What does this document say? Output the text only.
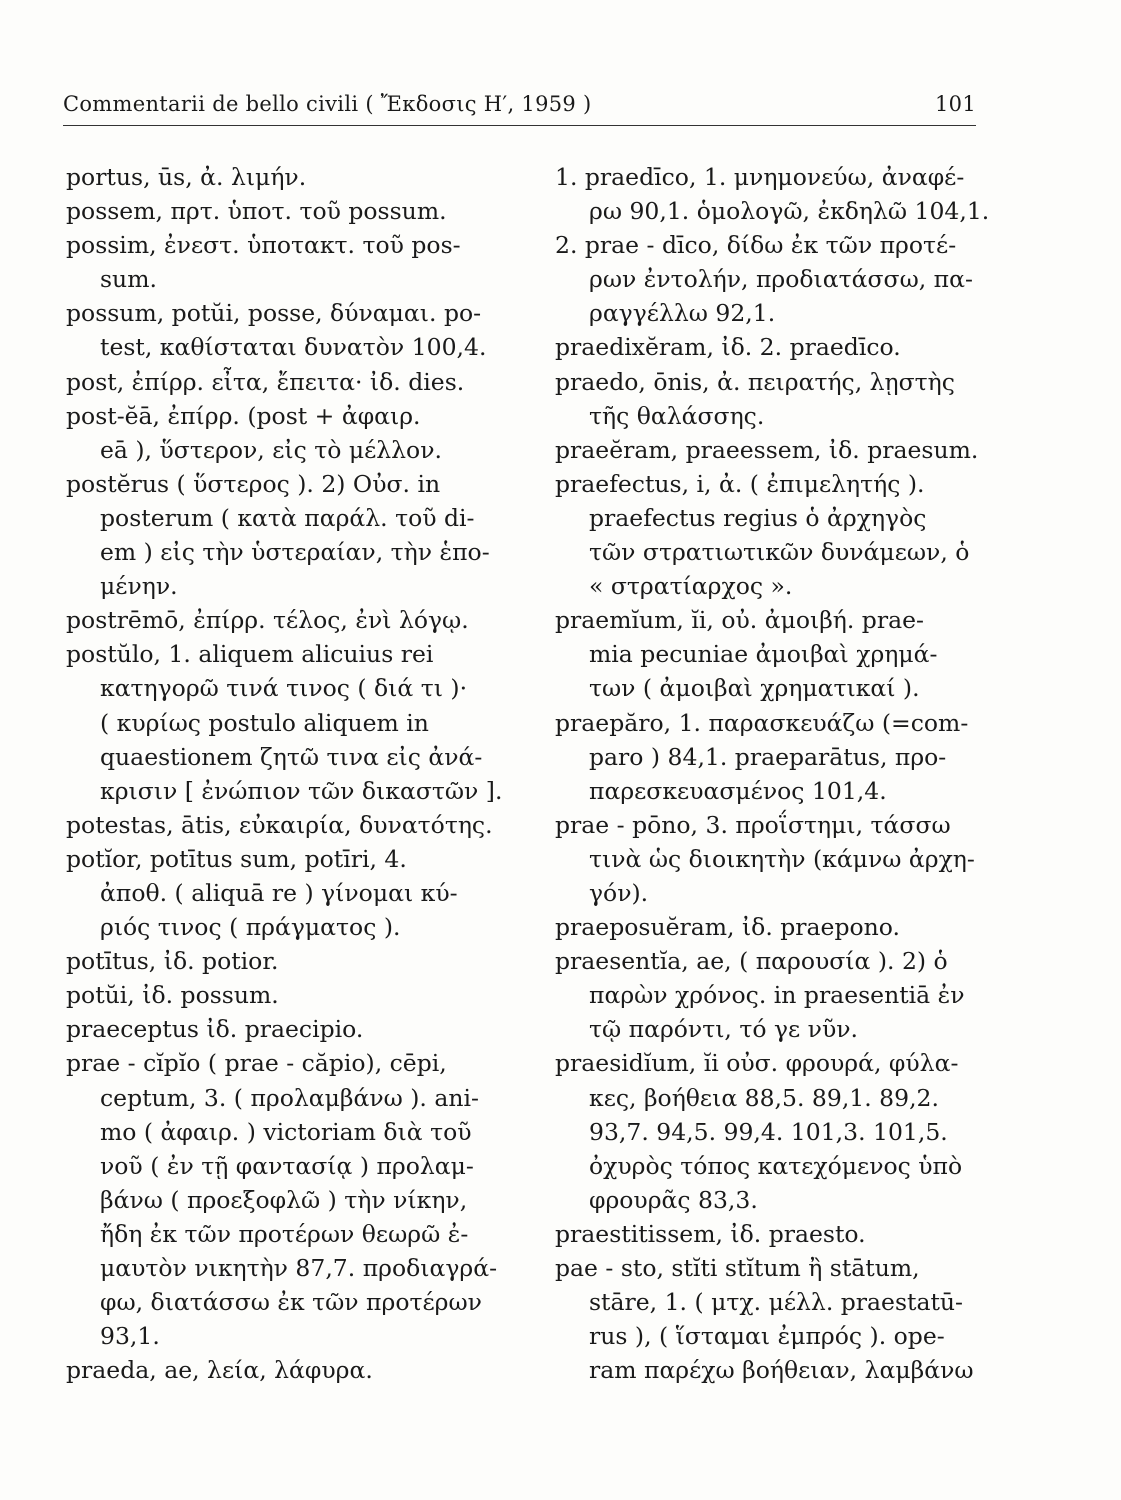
Commentarii de bello civili ( Ἔκδοσις Η′, 1959 )	101
portus, ūs, ἀ. λιμήν.
possem, πρτ. ὑποτ. τοῦ possum.
possim, ἐνεστ. ὑποτακτ. τοῦ pos-
sum.
possum, potŭi, posse, δύναμαι. po-
test, καθίσταται δυνατὸν 100,4.
post, ἐπίρρ. εἶτα, ἔπειτα· ἰδ. dies.
post-ĕā, ἐπίρρ. (post + ἀφαιρ.
eā ), ὕστερον, εἰς τὸ μέλλον.
postĕrus ( ὕστερος ). 2) Οὐσ. in
posterum ( κατὰ παράλ. τοῦ di-
em ) εἰς τὴν ὑστεραίαν, τὴν ἑπο-
μένην.
postrēmō, ἐπίρρ. τέλος, ἐνὶ λόγῳ.
postŭlo, 1. aliquem alicuius rei
κατηγορῶ τινά τινος ( διά τι )·
( κυρίως postulo aliquem in
quaestionem ζητῶ τινα εἰς ἀνά-
κρισιν [ ἐνώπιον τῶν δικαστῶν ].
potestas, ātis, εὐκαιρία, δυνατότης.
potĭor, potītus sum, potīri, 4.
ἀποθ. ( aliquā re ) γίνομαι κύ-
ριός τινος ( πράγματος ).
potītus, ἰδ. potior.
potŭi, ἰδ. possum.
praeceptus ἰδ. praecipio.
prae - cĭpĭo ( prae - căpio), cēpi,
ceptum, 3. ( προλαμβάνω ). ani-
mo ( ἀφαιρ. ) victoriam διὰ τοῦ
νοῦ ( ἐν τῇ φαντασίᾳ ) προλαμ-
βάνω ( προεξοφλῶ ) τὴν νίκην,
ἤδη ἐκ τῶν προτέρων θεωρῶ ἐ-
μαυτὸν νικητὴν 87,7. προδιαγρά-
φω, διατάσσω ἐκ τῶν προτέρων
93,1.
praeda, ae, λεία, λάφυρα.
1. praedīco, 1. μνημονεύω, ἀναφέ-
ρω 90,1. ὁμολογῶ, ἐκδηλῶ 104,1.
2. prae - dīco, δίδω ἐκ τῶν προτέ-
ρων ἐντολήν, προδιατάσσω, πα-
ραγγέλλω 92,1.
praedixĕram, ἰδ. 2. praedīco.
praedo, ōnis, ἀ. πειρατής, λῃστὴς
τῆς θαλάσσης.
praeĕram, praeessem, ἰδ. praesum.
praefectus, i, ἀ. ( ἐπιμελητής ).
praefectus regius ὁ ἀρχηγὸς
τῶν στρατιωτικῶν δυνάμεων, ὁ
« στρατίαρχος ».
praemĭum, ĭi, οὐ. ἀμοιβή. prae-
mia pecuniae ἀμοιβαὶ χρημά-
των ( ἀμοιβαὶ χρηματικαί ).
praepăro, 1. παρασκευάζω (=com-
paro ) 84,1. praeparātus, προ-
παρεσκευασμένος 101,4.
prae - pōno, 3. προΐστημι, τάσσω
τινὰ ὡς διοικητὴν (κάμνω ἀρχη-
γόν).
praeposuĕram, ἰδ. praepono.
praesentĭa, ae, ( παρουσία ). 2) ὁ
παρὼν χρόνος. in praesentiā ἐν
τῷ παρόντι, τό γε νῦν.
praesidĭum, ĭi οὐσ. φρουρά, φύλα-
κες, βοήθεια 88,5. 89,1. 89,2.
93,7. 94,5. 99,4. 101,3. 101,5.
ὀχυρὸς τόπος κατεχόμενος ὑπὸ
φρουρᾶς 83,3.
praestitissem, ἰδ. praesto.
pae - sto, stĭti stĭtum ἢ stātum,
stāre, 1. ( μτχ. μέλλ. praestatū-
rus ), ( ἵσταμαι ἐμπρός ). ope-
ram παρέχω βοήθειαν, λαμβάνω
